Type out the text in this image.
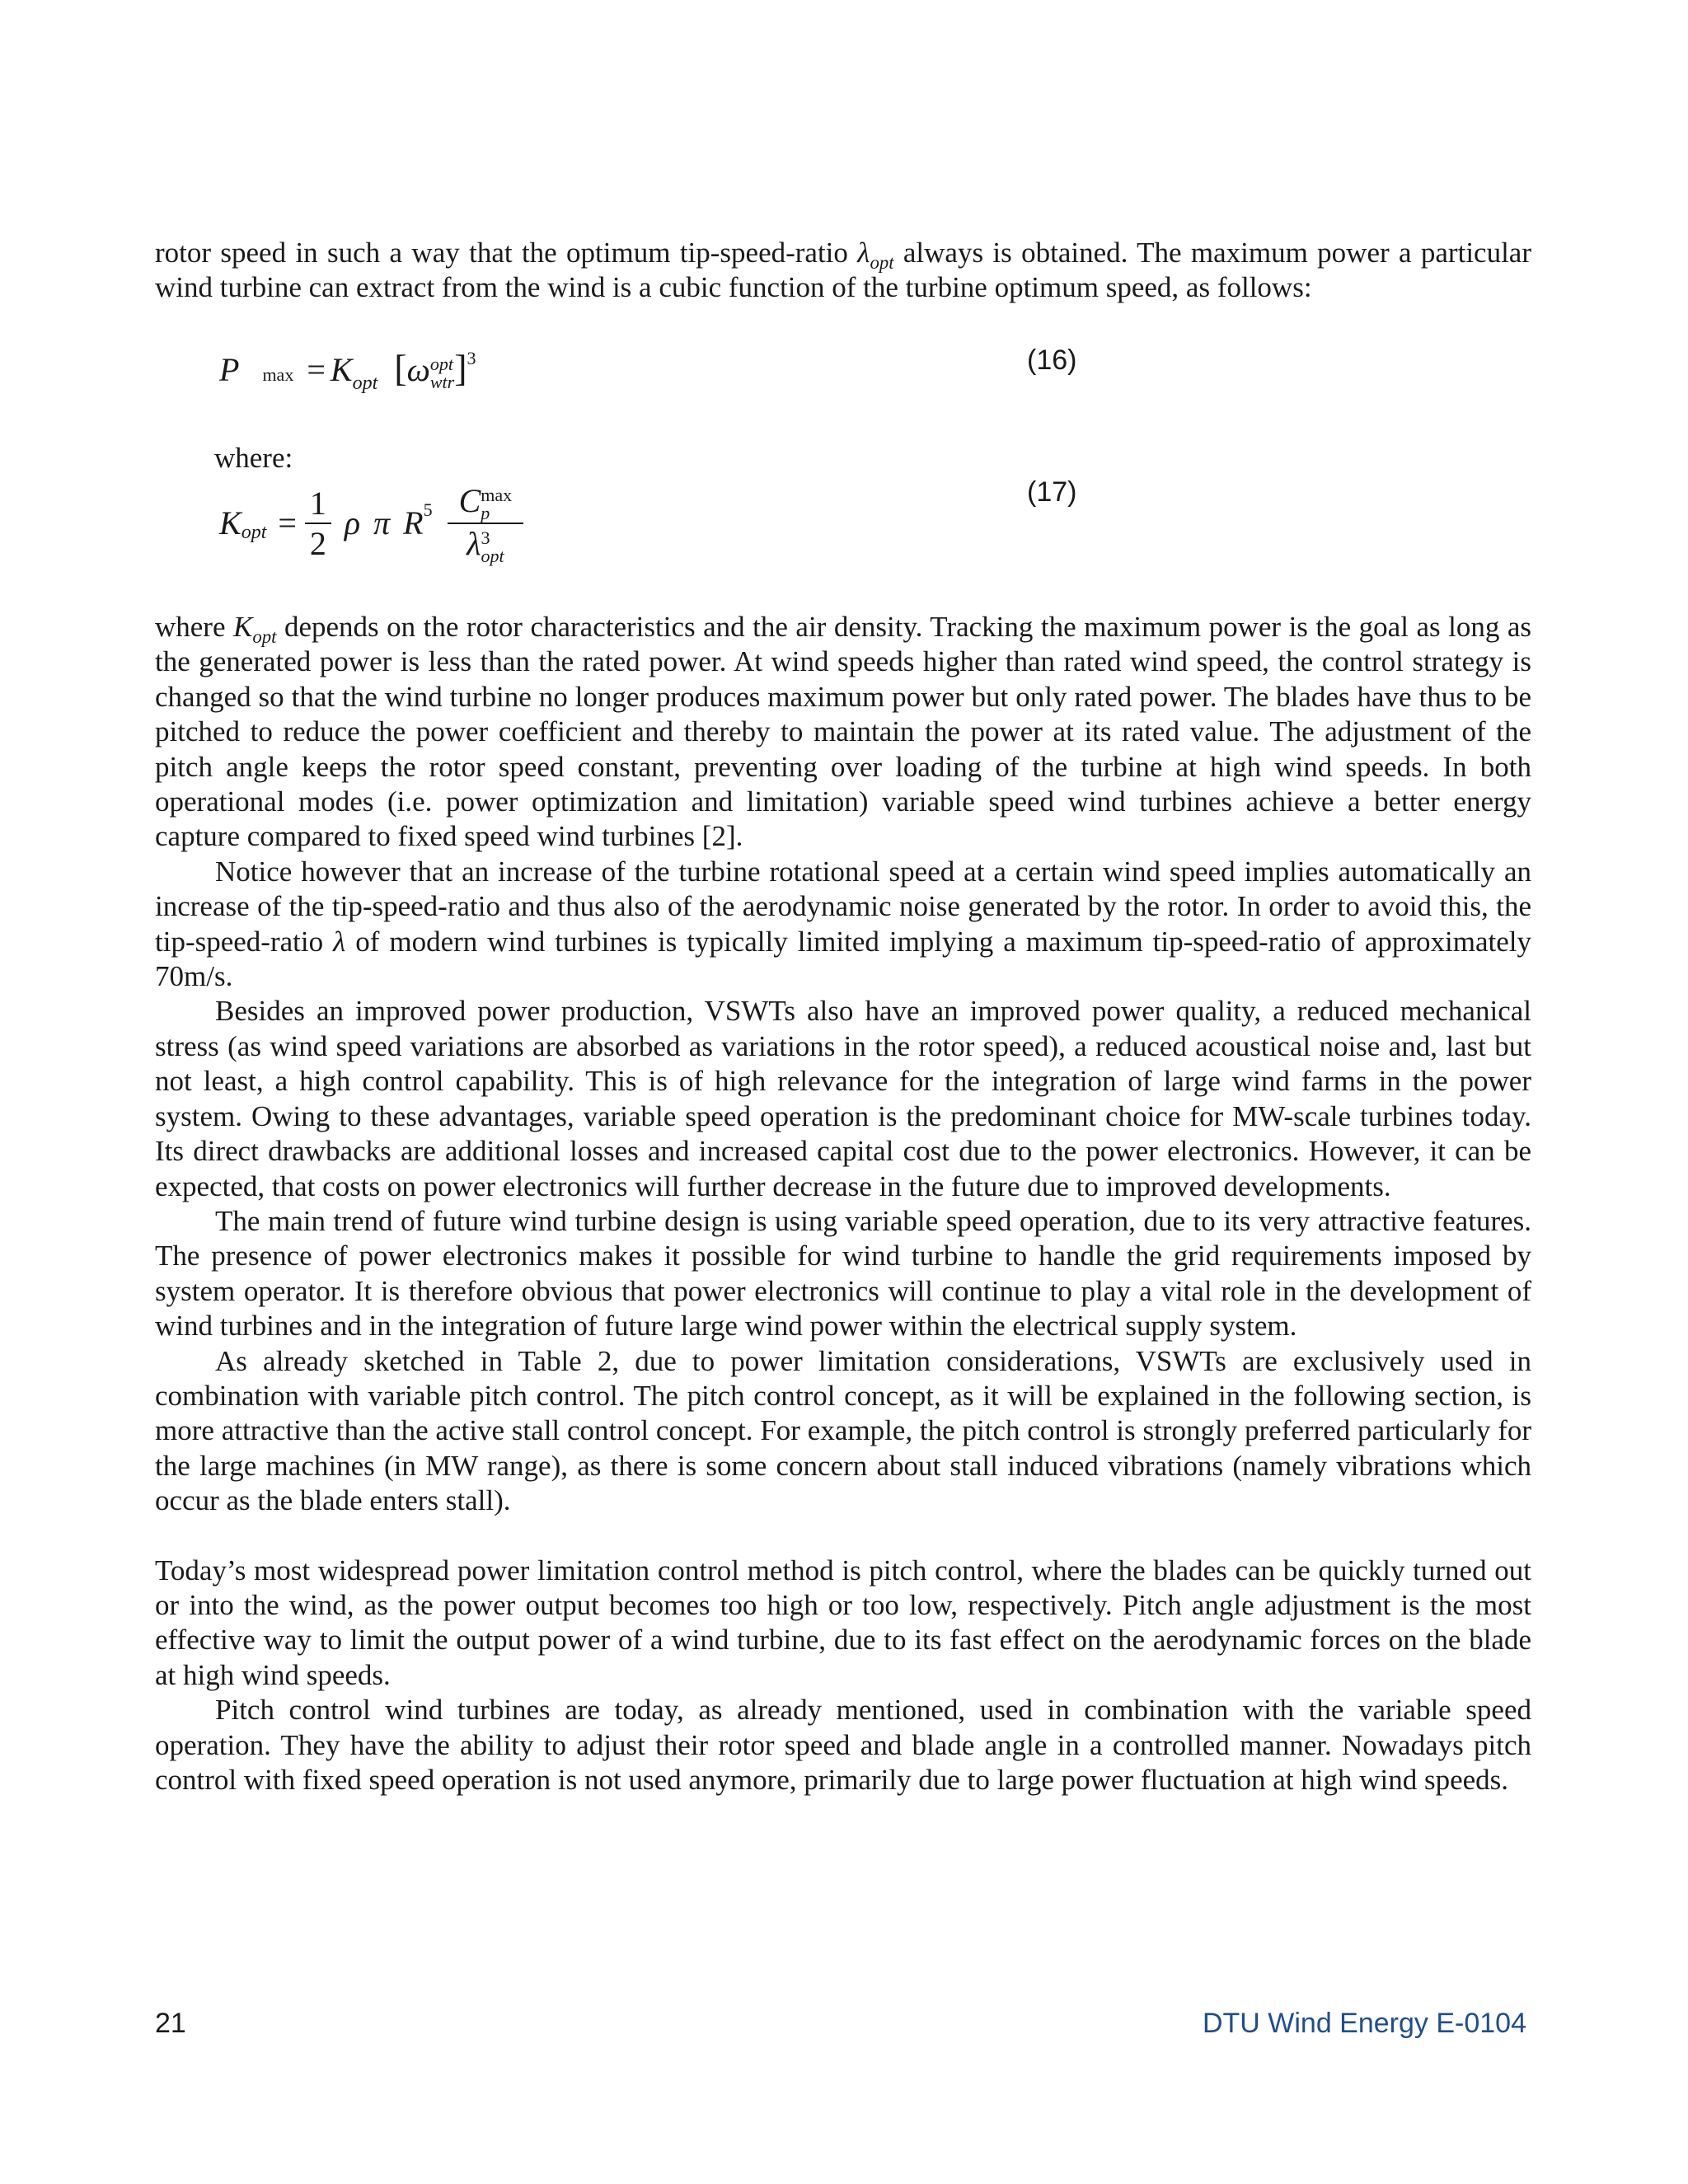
rotor speed in such a way that the optimum tip-speed-ratio $\lambda_{opt}$ always is obtained. The maximum power a particular wind turbine can extract from the wind is a cubic function of the turbine optimum speed, as follows:

P $\max = K_{opt}$ [ω opt
wtr ]$^3$	(16)
where:
K opt = $\frac{1}{2}$ ρ π R 5 C max
p
λ 3
opt	(17)

where $K_{opt}$ depends on the rotor characteristics and the air density. Tracking the maximum power is the goal as long as the generated power is less than the rated power. At wind speeds higher than rated wind speed, the control strategy is changed so that the wind turbine no longer produces maximum power but only rated power. The blades have thus to be pitched to reduce the power coefficient and thereby to maintain the power at its rated value. The adjustment of the pitch angle keeps the rotor speed constant, preventing over loading of the turbine at high wind speeds. In both operational modes (i.e. power optimization and limitation) variable speed wind turbines achieve a better energy capture compared to fixed speed wind turbines [2].

Notice however that an increase of the turbine rotational speed at a certain wind speed implies automatically an increase of the tip-speed-ratio and thus also of the aerodynamic noise generated by the rotor. In order to avoid this, the tip-speed-ratio λ of modern wind turbines is typically limited implying a maximum tip-speed-ratio of approximately 70m/s.

Besides an improved power production, VSWTs also have an improved power quality, a reduced mechanical stress (as wind speed variations are absorbed as variations in the rotor speed), a reduced acoustical noise and, last but not least, a high control capability. This is of high relevance for the integration of large wind farms in the power system. Owing to these advantages, variable speed operation is the predominant choice for MW-scale turbines today. Its direct drawbacks are additional losses and increased capital cost due to the power electronics. However, it can be expected, that costs on power electronics will further decrease in the future due to improved developments.

The main trend of future wind turbine design is using variable speed operation, due to its very attractive features. The presence of power electronics makes it possible for wind turbine to handle the grid requirements imposed by system operator. It is therefore obvious that power electronics will continue to play a vital role in the development of wind turbines and in the integration of future large wind power within the electrical supply system.

As already sketched in Table 2, due to power limitation considerations, VSWTs are exclusively used in combination with variable pitch control. The pitch control concept, as it will be explained in the following section, is more attractive than the active stall control concept. For example, the pitch control is strongly preferred particularly for the large machines (in MW range), as there is some concern about stall induced vibrations (namely vibrations which occur as the blade enters stall).

Today’s most widespread power limitation control method is pitch control, where the blades can be quickly turned out or into the wind, as the power output becomes too high or too low, respectively. Pitch angle adjustment is the most effective way to limit the output power of a wind turbine, due to its fast effect on the aerodynamic forces on the blade at high wind speeds.

Pitch control wind turbines are today, as already mentioned, used in combination with the variable speed operation. They have the ability to adjust their rotor speed and blade angle in a controlled manner. Nowadays pitch control with fixed speed operation is not used anymore, primarily due to large power fluctuation at high wind speeds.

21	DTU Wind Energy E-0104
